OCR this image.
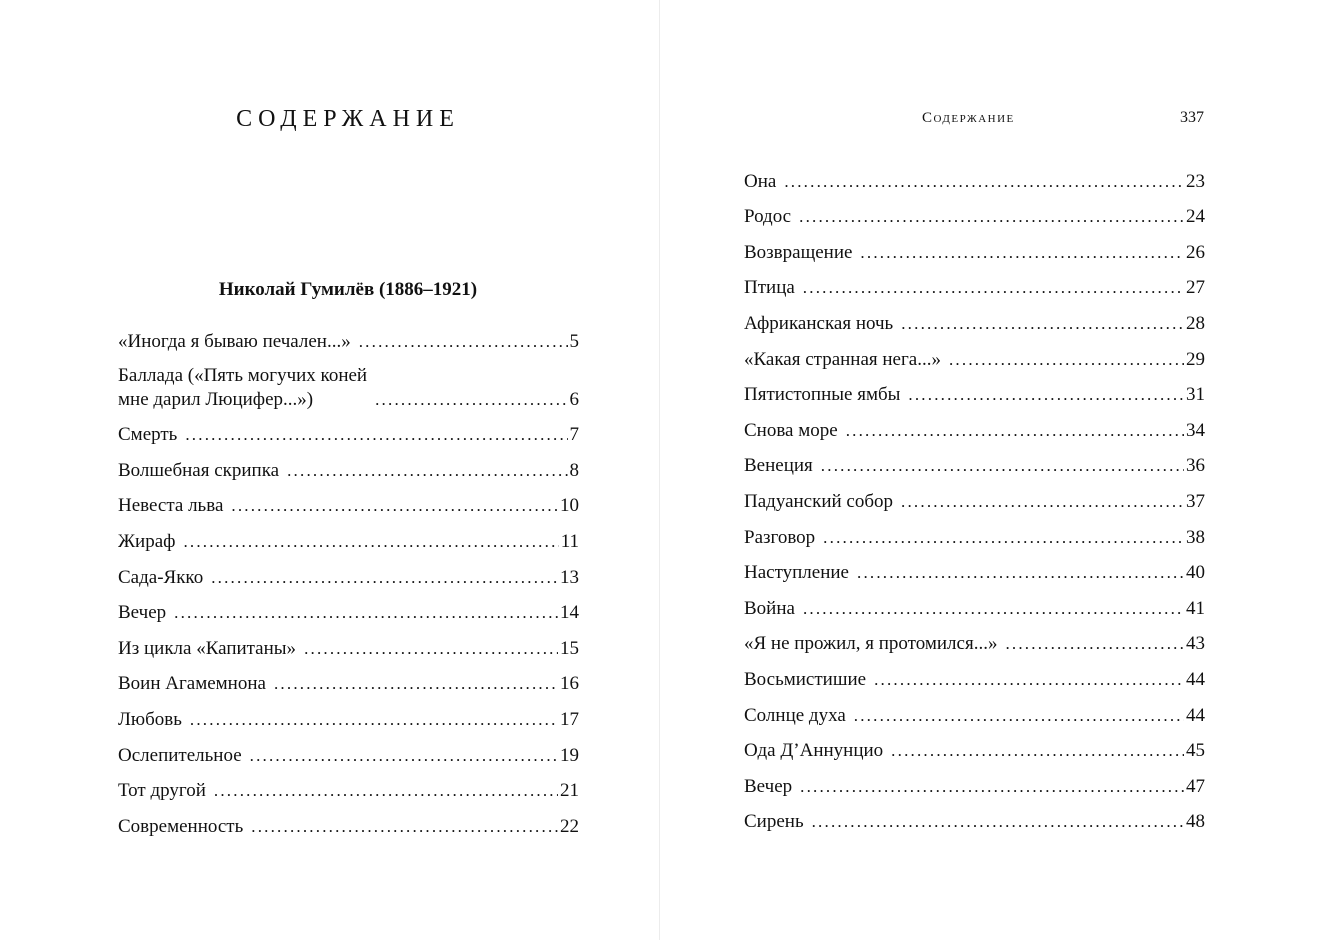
СОДЕРЖАНИЕ
Николай Гумилёв (1886–1921)
«Иногда я бываю печален...» .....	5
Баллада («Пять могучих коней
мне дарил Люцифер...») .....	6
Смерть .....	7
Волшебная скрипка .....	8
Невеста льва .....	10
Жираф .....	11
Сада-Якко .....	13
Вечер .....	14
Из цикла «Капитаны» .....	15
Воин Агамемнона .....	16
Любовь .....	17
Ослепительное .....	19
Тот другой .....	21
Современность .....	22
Содержание	337
Она .....	23
Родос .....	24
Возвращение .....	26
Птица .....	27
Африканская ночь .....	28
«Какая странная нега...» .....	29
Пятистопные ямбы .....	31
Снова море .....	34
Венеция .....	36
Падуанский собор .....	37
Разговор .....	38
Наступление .....	40
Война .....	41
«Я не прожил, я протомился...» .....	43
Восьмистишие .....	44
Солнце духа .....	44
Ода Д’Аннунцио .....	45
Вечер .....	47
Сирень .....	48
